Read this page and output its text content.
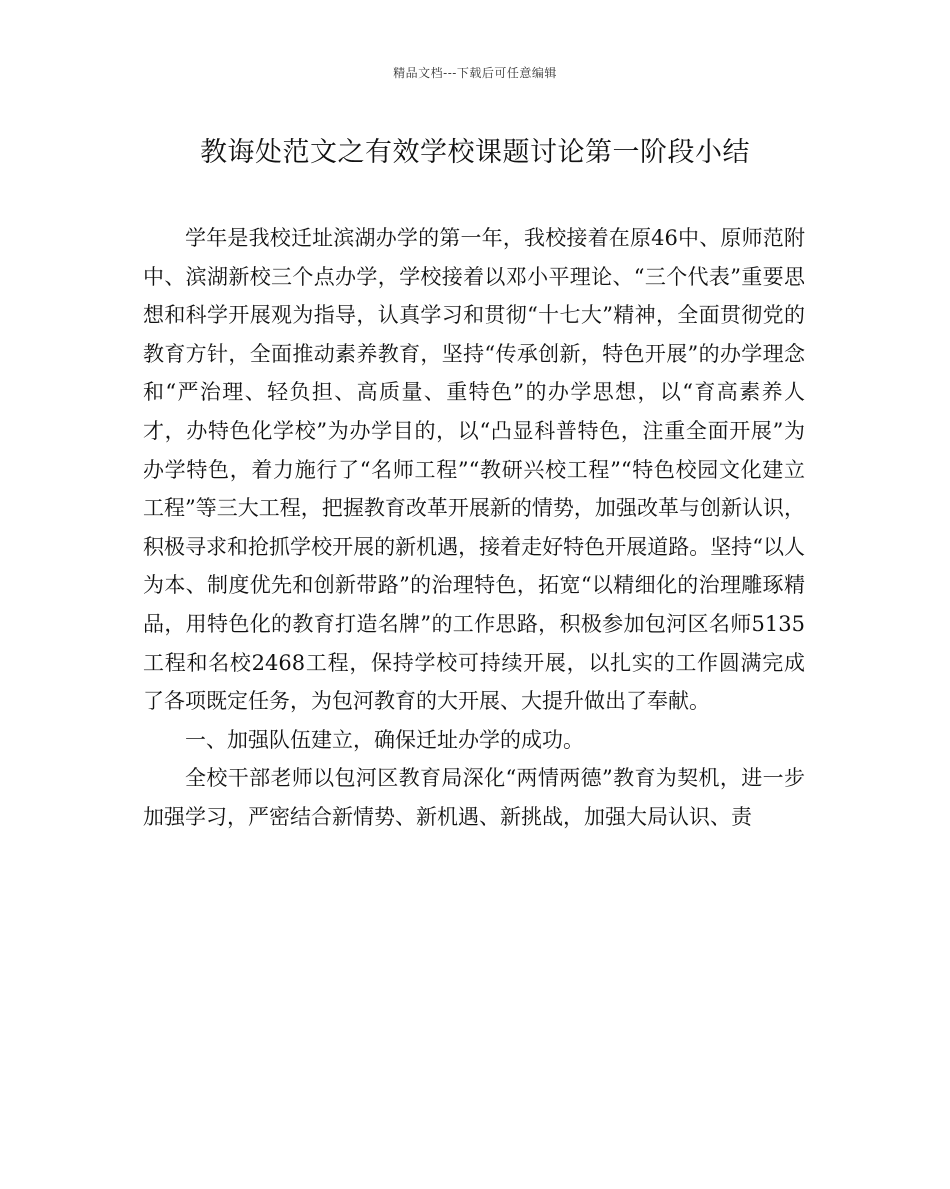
精品文档---下载后可任意编辑
教诲处范文之有效学校课题讨论第一阶段小结

学年是我校迁址滨湖办学的第一年，我校接着在原46中、原师范附中、滨湖新校三个点办学，学校接着以邓小平理论、“三个代表”重要思想和科学开展观为指导，认真学习和贯彻“十七大”精神，全面贯彻党的教育方针，全面推动素养教育，坚持“传承创新，特色开展”的办学理念和“严治理、轻负担、高质量、重特色”的办学思想，以“育高素养人才，办特色化学校”为办学目的，以“凸显科普特色，注重全面开展”为办学特色，着力施行了“名师工程”“教研兴校工程”“特色校园文化建立工程”等三大工程，把握教育改革开展新的情势，加强改革与创新认识，积极寻求和抢抓学校开展的新机遇，接着走好特色开展道路。坚持“以人为本、制度优先和创新带路”的治理特色，拓宽“以精细化的治理雕琢精品，用特色化的教育打造名牌”的工作思路，积极参加包河区名师5135工程和名校2468工程，保持学校可持续开展，以扎实的工作圆满完成了各项既定任务，为包河教育的大开展、大提升做出了奉献。

一、加强队伍建立，确保迁址办学的成功。

全校干部老师以包河区教育局深化“两情两德”教育为契机，进一步加强学习，严密结合新情势、新机遇、新挑战，加强大局认识、责
